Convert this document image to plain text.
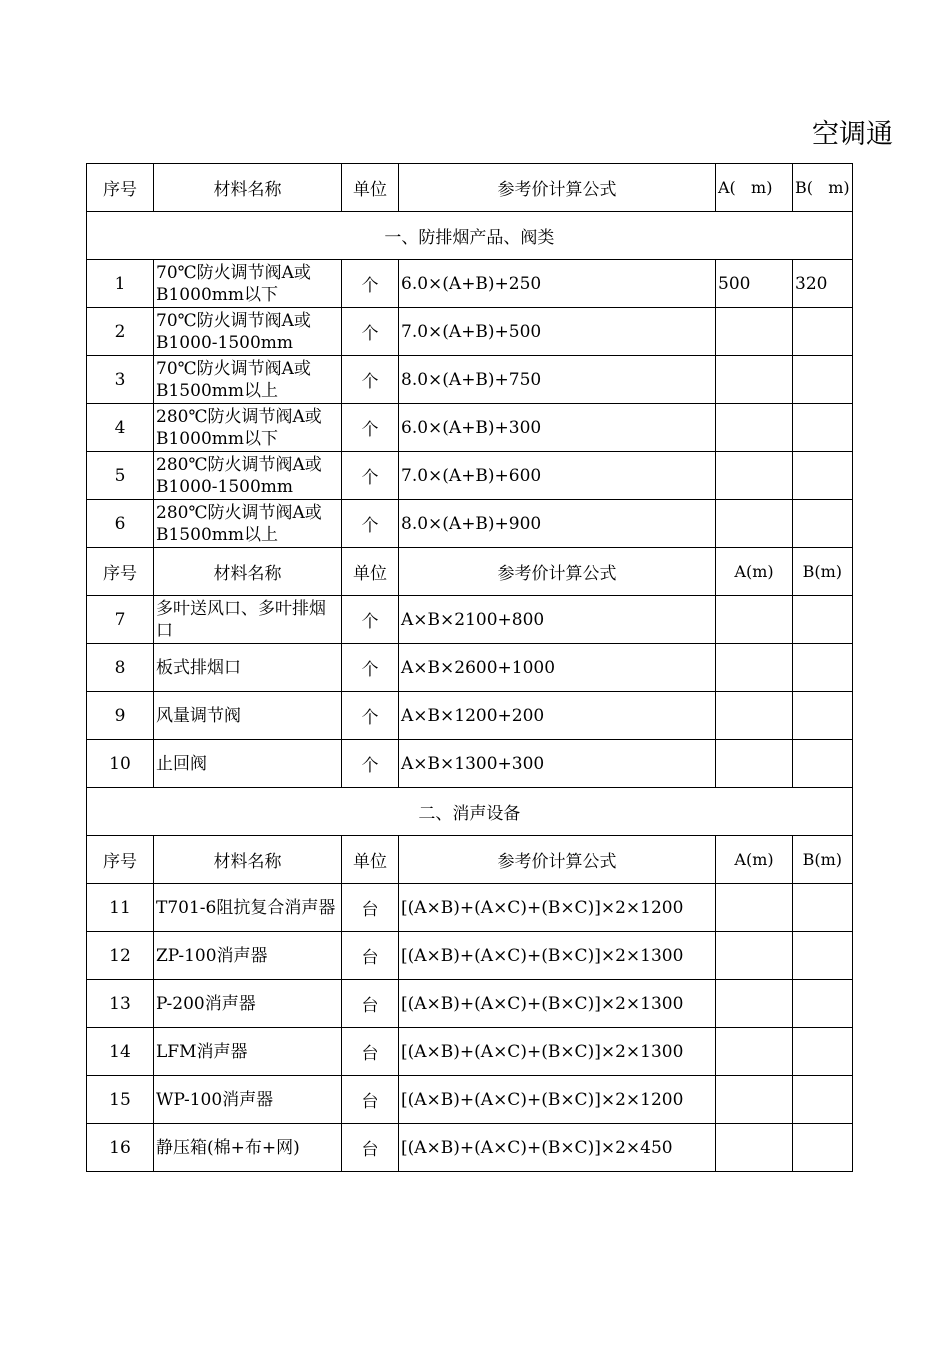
空调通
序号	材料名称	单位	参考价计算公式	A(   m)	B(   m)
一、防排烟产品、阀类					
1	70℃防火调节阀A或B1000mm以下	个	6.0×(A+B)+250	500	320
2	70℃防火调节阀A或B1000-1500mm	个	7.0×(A+B)+500		
3	70℃防火调节阀A或B1500mm以上	个	8.0×(A+B)+750		
4	280℃防火调节阀A或B1000mm以下	个	6.0×(A+B)+300		
5	280℃防火调节阀A或B1000-1500mm	个	7.0×(A+B)+600		
6	280℃防火调节阀A或B1500mm以上	个	8.0×(A+B)+900		
序号	材料名称	单位	参考价计算公式	A(m)	B(m)
7	多叶送风口、多叶排烟口	个	A×B×2100+800		
8	板式排烟口	个	A×B×2600+1000		
9	风量调节阀	个	A×B×1200+200		
10	止回阀	个	A×B×1300+300		
二、消声设备					
序号	材料名称	单位	参考价计算公式	A(m)	B(m)
11	T701-6阻抗复合消声器	台	[(A×B)+(A×C)+(B×C)]×2×1200		
12	ZP-100消声器	台	[(A×B)+(A×C)+(B×C)]×2×1300		
13	P-200消声器	台	[(A×B)+(A×C)+(B×C)]×2×1300		
14	LFM消声器	台	[(A×B)+(A×C)+(B×C)]×2×1300		
15	WP-100消声器	台	[(A×B)+(A×C)+(B×C)]×2×1200		
16	静压箱(棉+布+网)	台	[(A×B)+(A×C)+(B×C)]×2×450		
